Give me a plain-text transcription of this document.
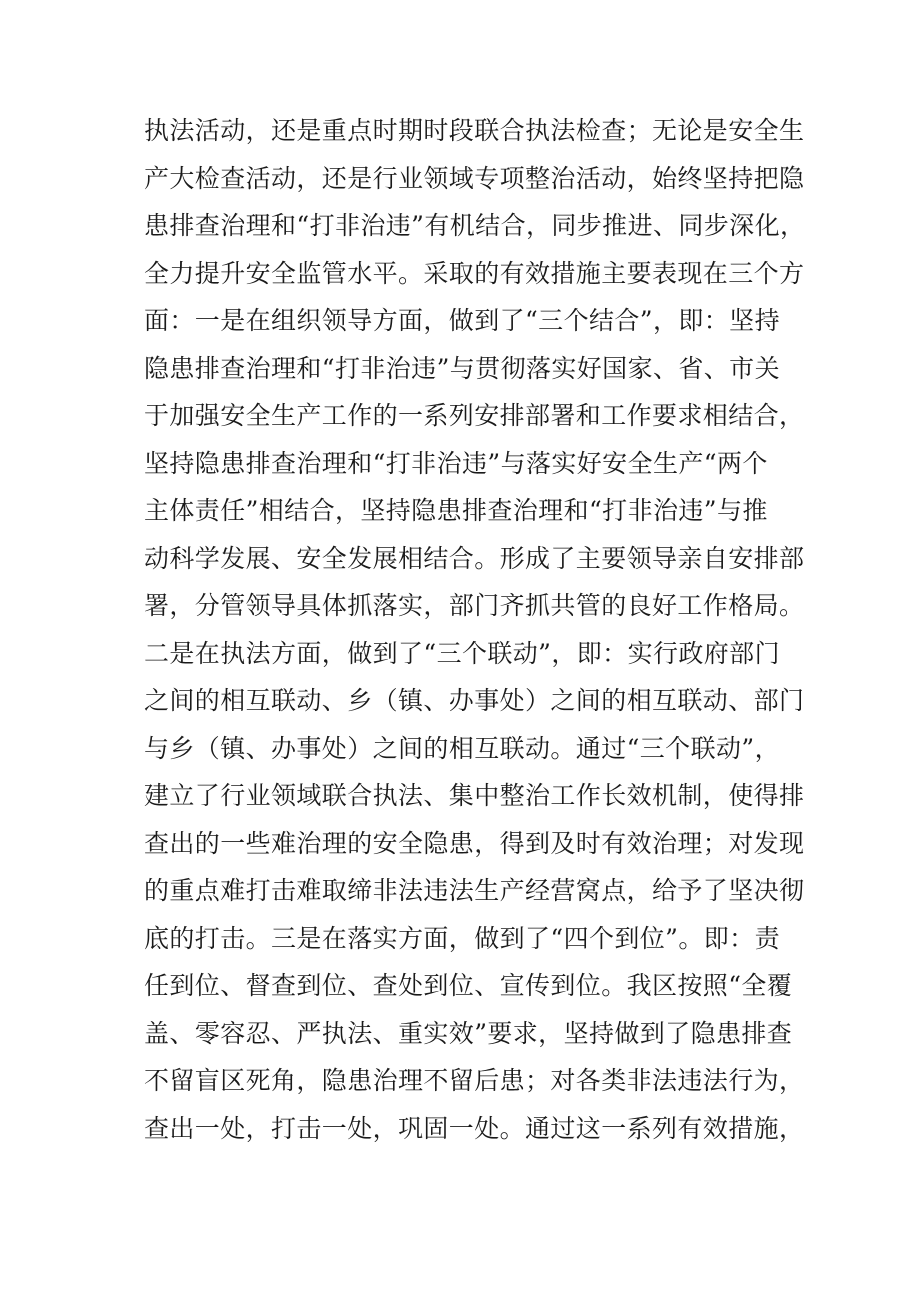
执法活动，还是重点时期时段联合执法检查；无论是安全生
产大检查活动，还是行业领域专项整治活动，始终坚持把隐
患排查治理和“打非治违”有机结合，同步推进、同步深化，
全力提升安全监管水平。采取的有效措施主要表现在三个方
面：一是在组织领导方面，做到了“三个结合”，即：坚持
隐患排查治理和“打非治违”与贯彻落实好国家、省、市关
于加强安全生产工作的一系列安排部署和工作要求相结合，
坚持隐患排查治理和“打非治违”与落实好安全生产“两个
主体责任”相结合，坚持隐患排查治理和“打非治违”与推
动科学发展、安全发展相结合。形成了主要领导亲自安排部
署，分管领导具体抓落实，部门齐抓共管的良好工作格局。
二是在执法方面，做到了“三个联动”，即：实行政府部门
之间的相互联动、乡（镇、办事处）之间的相互联动、部门
与乡（镇、办事处）之间的相互联动。通过“三个联动”，
建立了行业领域联合执法、集中整治工作长效机制，使得排
查出的一些难治理的安全隐患，得到及时有效治理；对发现
的重点难打击难取缔非法违法生产经营窝点，给予了坚决彻
底的打击。三是在落实方面，做到了“四个到位”。即：责
任到位、督查到位、查处到位、宣传到位。我区按照“全覆
盖、零容忍、严执法、重实效”要求，坚持做到了隐患排查
不留盲区死角，隐患治理不留后患；对各类非法违法行为，
查出一处，打击一处，巩固一处。通过这一系列有效措施，
